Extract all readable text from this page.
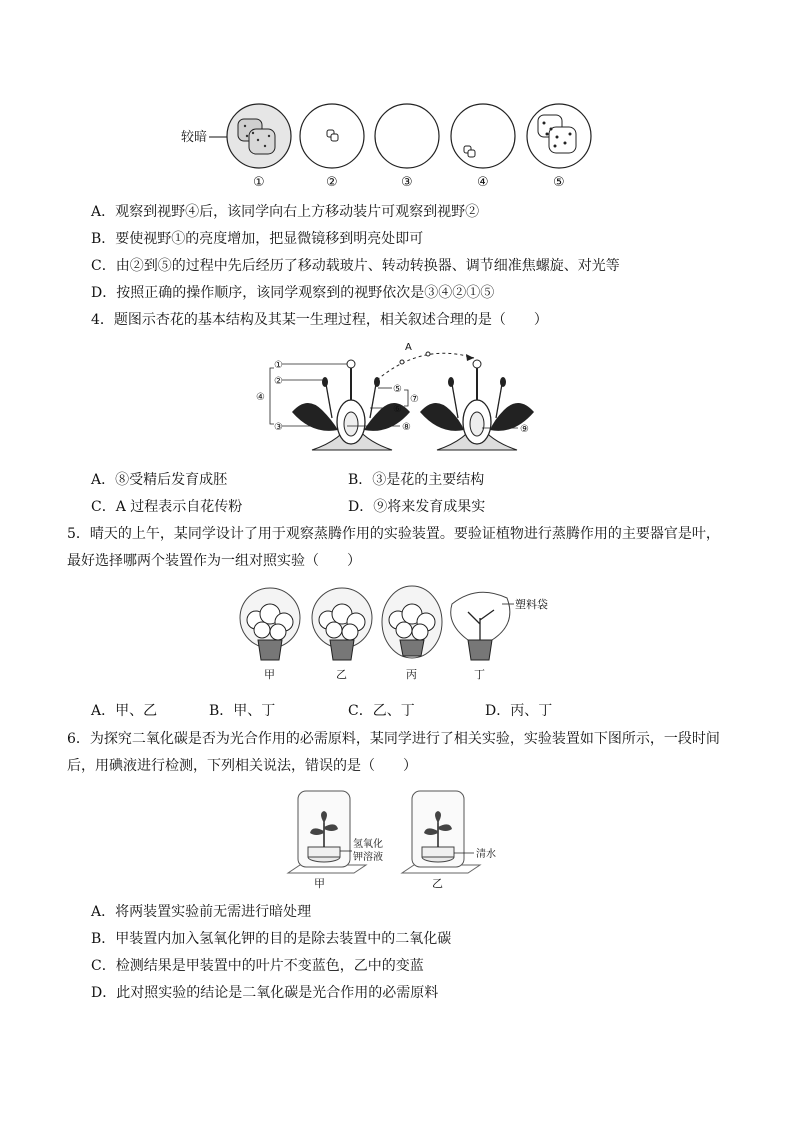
较暗
①	②	③	④	⑤
A．观察到视野④后，该同学向右上方移动装片可观察到视野②
B．要使视野①的亮度增加，把显微镜移到明亮处即可
C．由②到⑤的过程中先后经历了移动载玻片、转动转换器、调节细准焦螺旋、对光等
D．按照正确的操作顺序，该同学观察到的视野依次是③④②①⑤
4．题图示杏花的基本结构及其某一生理过程，相关叙述合理的是（　　）
A
①
②
③
④
⑤
⑥
⑦
⑧	⑨
A．⑧受精后发育成胚	B．③是花的主要结构
C．A 过程表示自花传粉	D．⑨将来发育成果实
5．晴天的上午，某同学设计了用于观察蒸腾作用的实验装置。要验证植物进行蒸腾作用的主要器官是叶，
最好选择哪两个装置作为一组对照实验（　　）
甲	乙	丙
塑料袋
丁
A．甲、乙	B．甲、丁	C．乙、丁	D．丙、丁
6．为探究二氧化碳是否为光合作用的必需原料，某同学进行了相关实验，实验装置如下图所示，一段时间
后，用碘液进行检测，下列相关说法，错误的是（　　）
氢氧化
钾溶液
甲
清水
乙
A．将两装置实验前无需进行暗处理
B．甲装置内加入氢氧化钾的目的是除去装置中的二氧化碳
C．检测结果是甲装置中的叶片不变蓝色，乙中的变蓝
D．此对照实验的结论是二氧化碳是光合作用的必需原料
